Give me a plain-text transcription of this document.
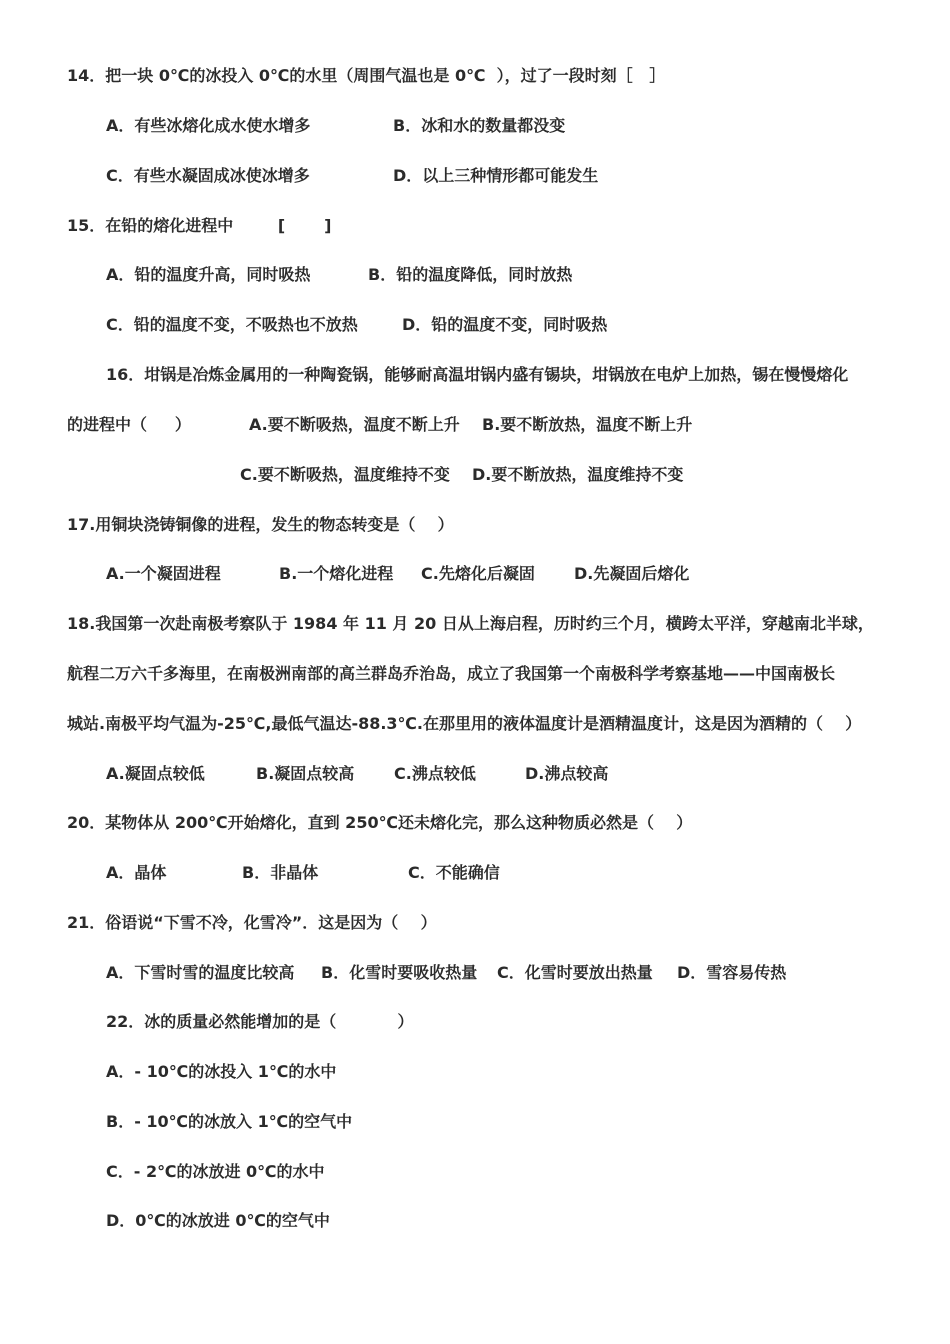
14．把一块 0℃的冰投入 0℃的水里（周围气温也是 0℃  ），过了一段时刻［   ］
A．有些冰熔化成水使水增多	B．冰和水的数量都没变
C．有些水凝固成冰使冰增多	D．以上三种情形都可能发生
15．在铅的熔化进程中        [       ]
A．铅的温度升高，同时吸热	B．铅的温度降低，同时放热
C．铅的温度不变，不吸热也不放热	D．铅的温度不变，同时吸热
16．坩锅是冶炼金属用的一种陶瓷锅，能够耐高温坩锅内盛有锡块，坩锅放在电炉上加热，锡在慢慢熔化
的进程中（     ）	A.要不断吸热，温度不断上升 B.要不断放热，温度不断上升
C.要不断吸热，温度维持不变 D.要不断放热，温度维持不变
17.用铜块浇铸铜像的进程，发生的物态转变是（    ）
A.一个凝固进程	B.一个熔化进程 C.先熔化后凝固 D.先凝固后熔化
18.我国第一次赴南极考察队于 1984 年 11 月 20 日从上海启程，历时约三个月，横跨太平洋，穿越南北半球，
航程二万六千多海里，在南极洲南部的高兰群岛乔治岛，成立了我国第一个南极科学考察基地——中国南极长
城站.南极平均气温为-25℃,最低气温达-88.3℃.在那里用的液体温度计是酒精温度计，这是因为酒精的（    ）
A.凝固点较低	B.凝固点较高 C.沸点较低	D.沸点较高
20．某物体从 200℃开始熔化，直到 250℃还未熔化完，那么这种物质必然是（    ）
A．晶体	B．非晶体	C．不能确信
21．俗语说“下雪不冷，化雪冷”．这是因为（    ）
A．下雪时雪的温度比较高 B．化雪时要吸收热量 C．化雪时要放出热量 D．雪容易传热
22．冰的质量必然能增加的是（           ）
A．- 10℃的冰投入 1℃的水中
B．- 10℃的冰放入 1℃的空气中
C．- 2℃的冰放进 0℃的水中
D．0℃的冰放进 0℃的空气中
